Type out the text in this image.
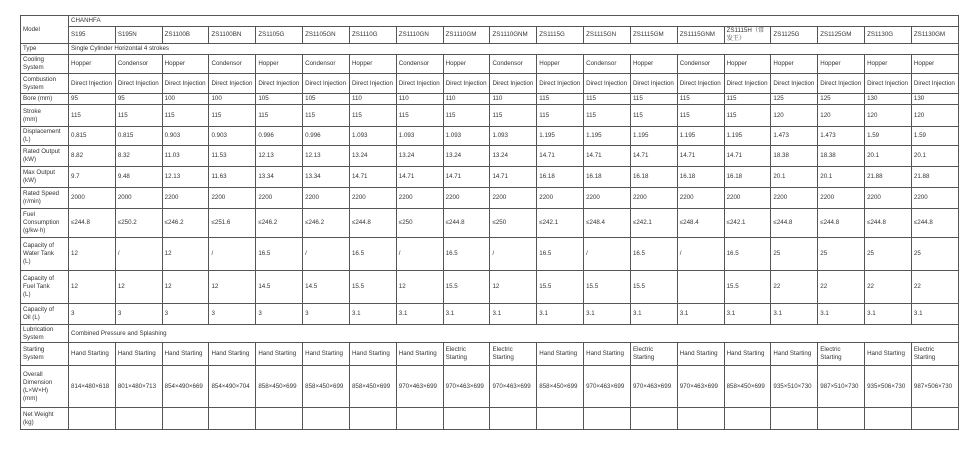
Model	CHANHFA																		
	S195	S195N	ZS1100B	ZS1100BN	ZS1105G	ZS1105GN	ZS1110G	ZS1110GN	ZS1110GM	ZS1110GNM	ZS1115G	ZS1115GN	ZS1115GM	ZS1115GNM	ZS1115H（常发王）	ZS1125G	ZS1125GM	ZS1130G	ZS1130GM
Type	Single Cylinder Horizontal 4 strokes																		
Cooling
System	Hopper	Condensor	Hopper	Condensor	Hopper	Condensor	Hopper	Condensor	Hopper	Condensor	Hopper	Condensor	Hopper	Condensor	Hopper	Hopper	Hopper	Hopper	Hopper
Combustion
System	Direct Injection	Direct Injection	Direct Injection	Direct Injection	Direct Injection	Direct Injection	Direct Injection	Direct Injection	Direct Injection	Direct Injection	Direct Injection	Direct Injection	Direct Injection	Direct Injection	Direct Injection	Direct Injection	Direct Injection	Direct Injection	Direct Injection
Bore (mm)	95	95	100	100	105	105	110	110	110	110	115	115	115	115	115	125	125	130	130
Stroke
(mm)	115	115	115	115	115	115	115	115	115	115	115	115	115	115	115	120	120	120	120
Displacement
(L)	0.815	0.815	0.903	0.903	0.996	0.996	1.093	1.093	1.093	1.093	1.195	1.195	1.195	1.195	1.195	1.473	1.473	1.59	1.59
Rated Output
(kW)	8.82	8.32	11.03	11.53	12.13	12.13	13.24	13.24	13.24	13.24	14.71	14.71	14.71	14.71	14.71	18.38	18.38	20.1	20.1
Max Output
(kW)	9.7	9.48	12.13	11.63	13.34	13.34	14.71	14.71	14.71	14.71	16.18	16.18	16.18	16.18	16.18	20.1	20.1	21.88	21.88
Rated Speed
(r/min)	2000	2000	2200	2200	2200	2200	2200	2200	2200	2200	2200	2200	2200	2200	2200	2200	2200	2200	2200
Fuel
Consumption
(g/kw·h)	≤244.8	≤250.2	≤246.2	≤251.6	≤246.2	≤246.2	≤244.8	≤250	≤244.8	≤250	≤242.1	≤248.4	≤242.1	≤248.4	≤242.1	≤244.8	≤244.8	≤244.8	≤244.8
Capacity of
Water Tank
(L)	12	/	12	/	16.5	/	16.5	/	16.5	/	16.5	/	16.5	/	16.5	25	25	25	25
Capacity of
Fuel Tank
(L)	12	12	12	12	14.5	14.5	15.5	12	15.5	12	15.5	15.5	15.5		15.5	22	22	22	22
Capacity of
Oil (L)	3	3	3	3	3	3	3.1	3.1	3.1	3.1	3.1	3.1	3.1	3.1	3.1	3.1	3.1	3.1	3.1
Lubrication
System	Combined Pressure and Splashing																		
Starting
System	Hand Starting	Hand Starting	Hand Starting	Hand Starting	Hand Starting	Hand Starting	Hand Starting	Hand Starting	Electric Starting	Electric Starting	Hand Starting	Hand Starting	Electric Starting	Hand Starting	Hand Starting	Hand Starting	Electric Starting	Hand Starting	Electric Starting
Overall
Dimension
(L×W×H)
(mm)	814×480×618	801×480×713	854×490×669	854×490×704	858×450×699	858×450×699	858×450×699	970×463×699	970×463×699	970×463×699	858×450×699	970×463×699	970×463×699	970×463×699	858×450×699	935×510×730	987×510×730	935×506×730	987×506×730
Net Weight
(kg)																			
